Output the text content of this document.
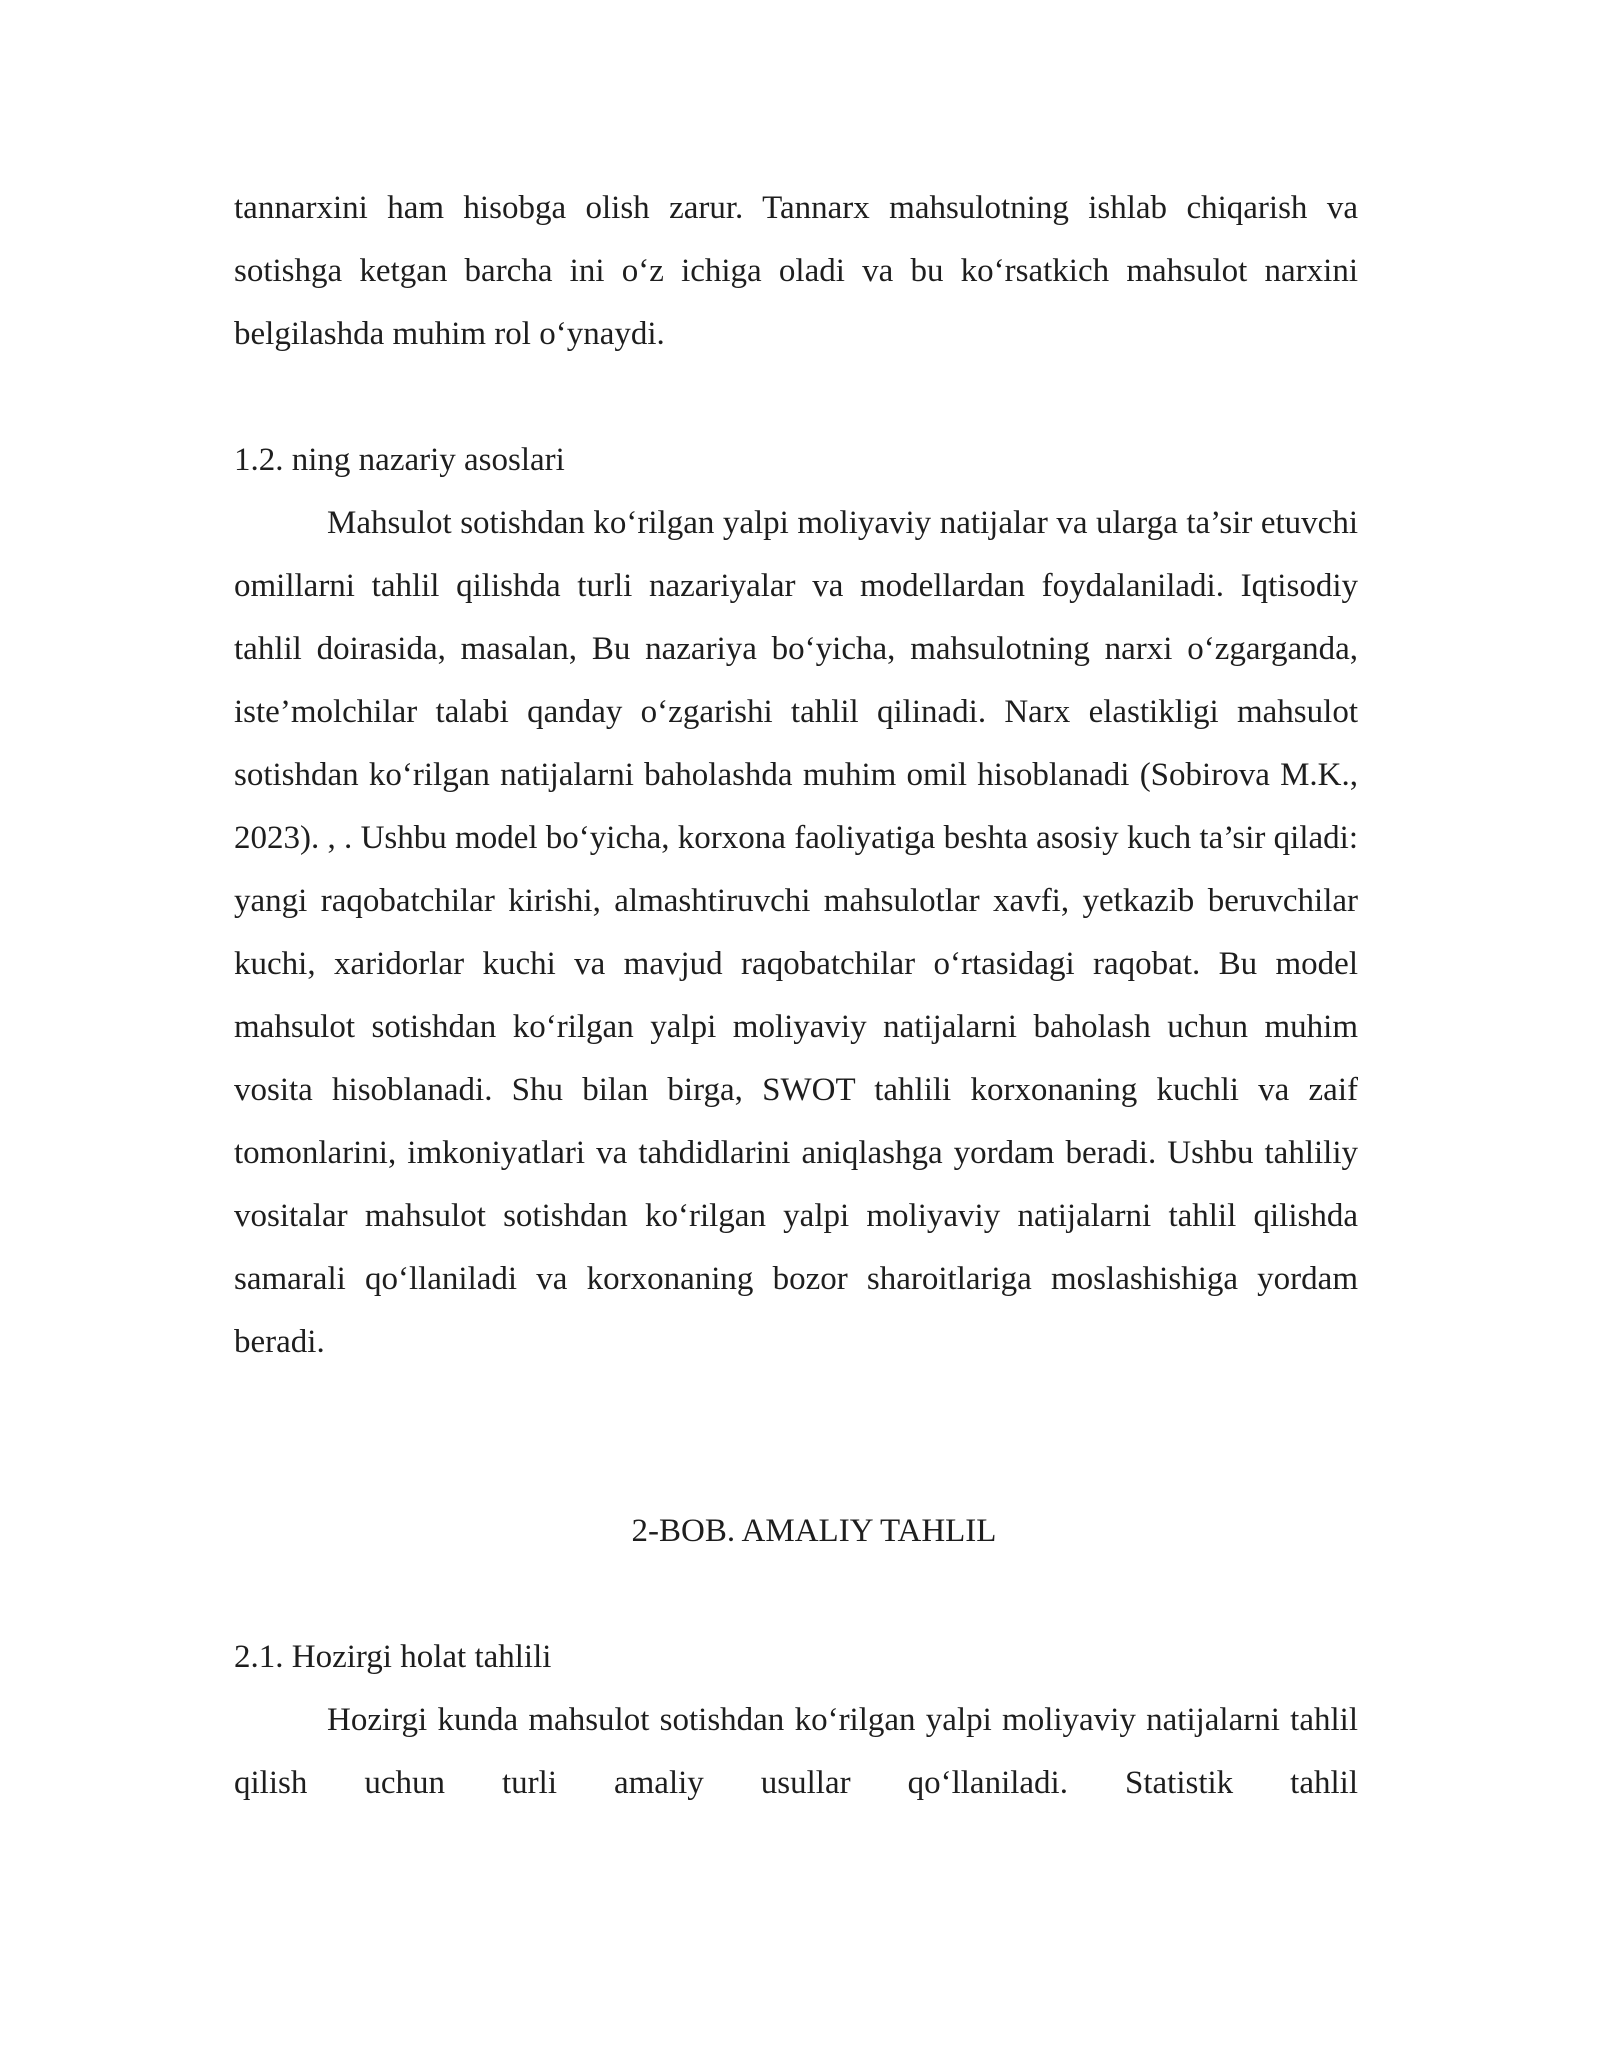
tannarxini ham hisobga olish zarur. Tannarx mahsulotning ishlab chiqarish va sotishga ketgan barcha ini o‘z ichiga oladi va bu ko‘rsatkich mahsulot narxini belgilashda muhim rol o‘ynaydi.

1.2. ning nazariy asoslari

Mahsulot sotishdan ko‘rilgan yalpi moliyaviy natijalar va ularga ta’sir etuvchi omillarni tahlil qilishda turli nazariyalar va modellardan foydalaniladi. Iqtisodiy tahlil doirasida, masalan, Bu nazariya bo‘yicha, mahsulotning narxi o‘zgarganda, iste’molchilar talabi qanday o‘zgarishi tahlil qilinadi. Narx elastikligi mahsulot sotishdan ko‘rilgan natijalarni baholashda muhim omil hisoblanadi (Sobirova M.K., 2023). , . Ushbu model bo‘yicha, korxona faoliyatiga beshta asosiy kuch ta’sir qiladi: yangi raqobatchilar kirishi, almashtiruvchi mahsulotlar xavfi, yetkazib beruvchilar kuchi, xaridorlar kuchi va mavjud raqobatchilar o‘rtasidagi raqobat. Bu model mahsulot sotishdan ko‘rilgan yalpi moliyaviy natijalarni baholash uchun muhim vosita hisoblanadi. Shu bilan birga, SWOT tahlili korxonaning kuchli va zaif tomonlarini, imkoniyatlari va tahdidlarini aniqlashga yordam beradi. Ushbu tahliliy vositalar mahsulot sotishdan ko‘rilgan yalpi moliyaviy natijalarni tahlil qilishda samarali qo‘llaniladi va korxonaning bozor sharoitlariga moslashishiga yordam beradi.

2-BOB. AMALIY TAHLIL

2.1. Hozirgi holat tahlili

Hozirgi kunda mahsulot sotishdan ko‘rilgan yalpi moliyaviy natijalarni tahlil qilish uchun turli amaliy usullar qo‘llaniladi. Statistik tahlil
